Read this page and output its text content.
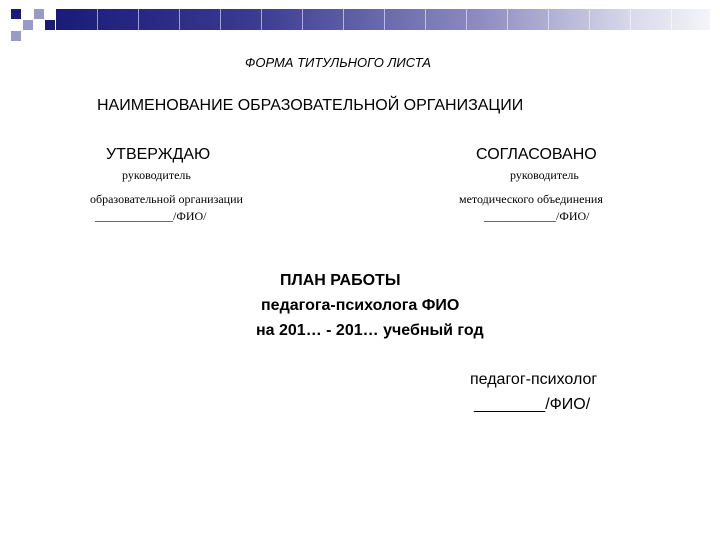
ФОРМА ТИТУЛЬНОГО ЛИСТА
НАИМЕНОВАНИЕ ОБРАЗОВАТЕЛЬНОЙ ОРГАНИЗАЦИИ
УТВЕРЖДАЮ
руководитель
образовательной организации
_____________/ФИО/
СОГЛАСОВАНО
руководитель
методического объединения
____________/ФИО/
ПЛАН РАБОТЫ
педагога-психолога ФИО
на 201… - 201… учебный год
педагог-психолог
________/ФИО/
